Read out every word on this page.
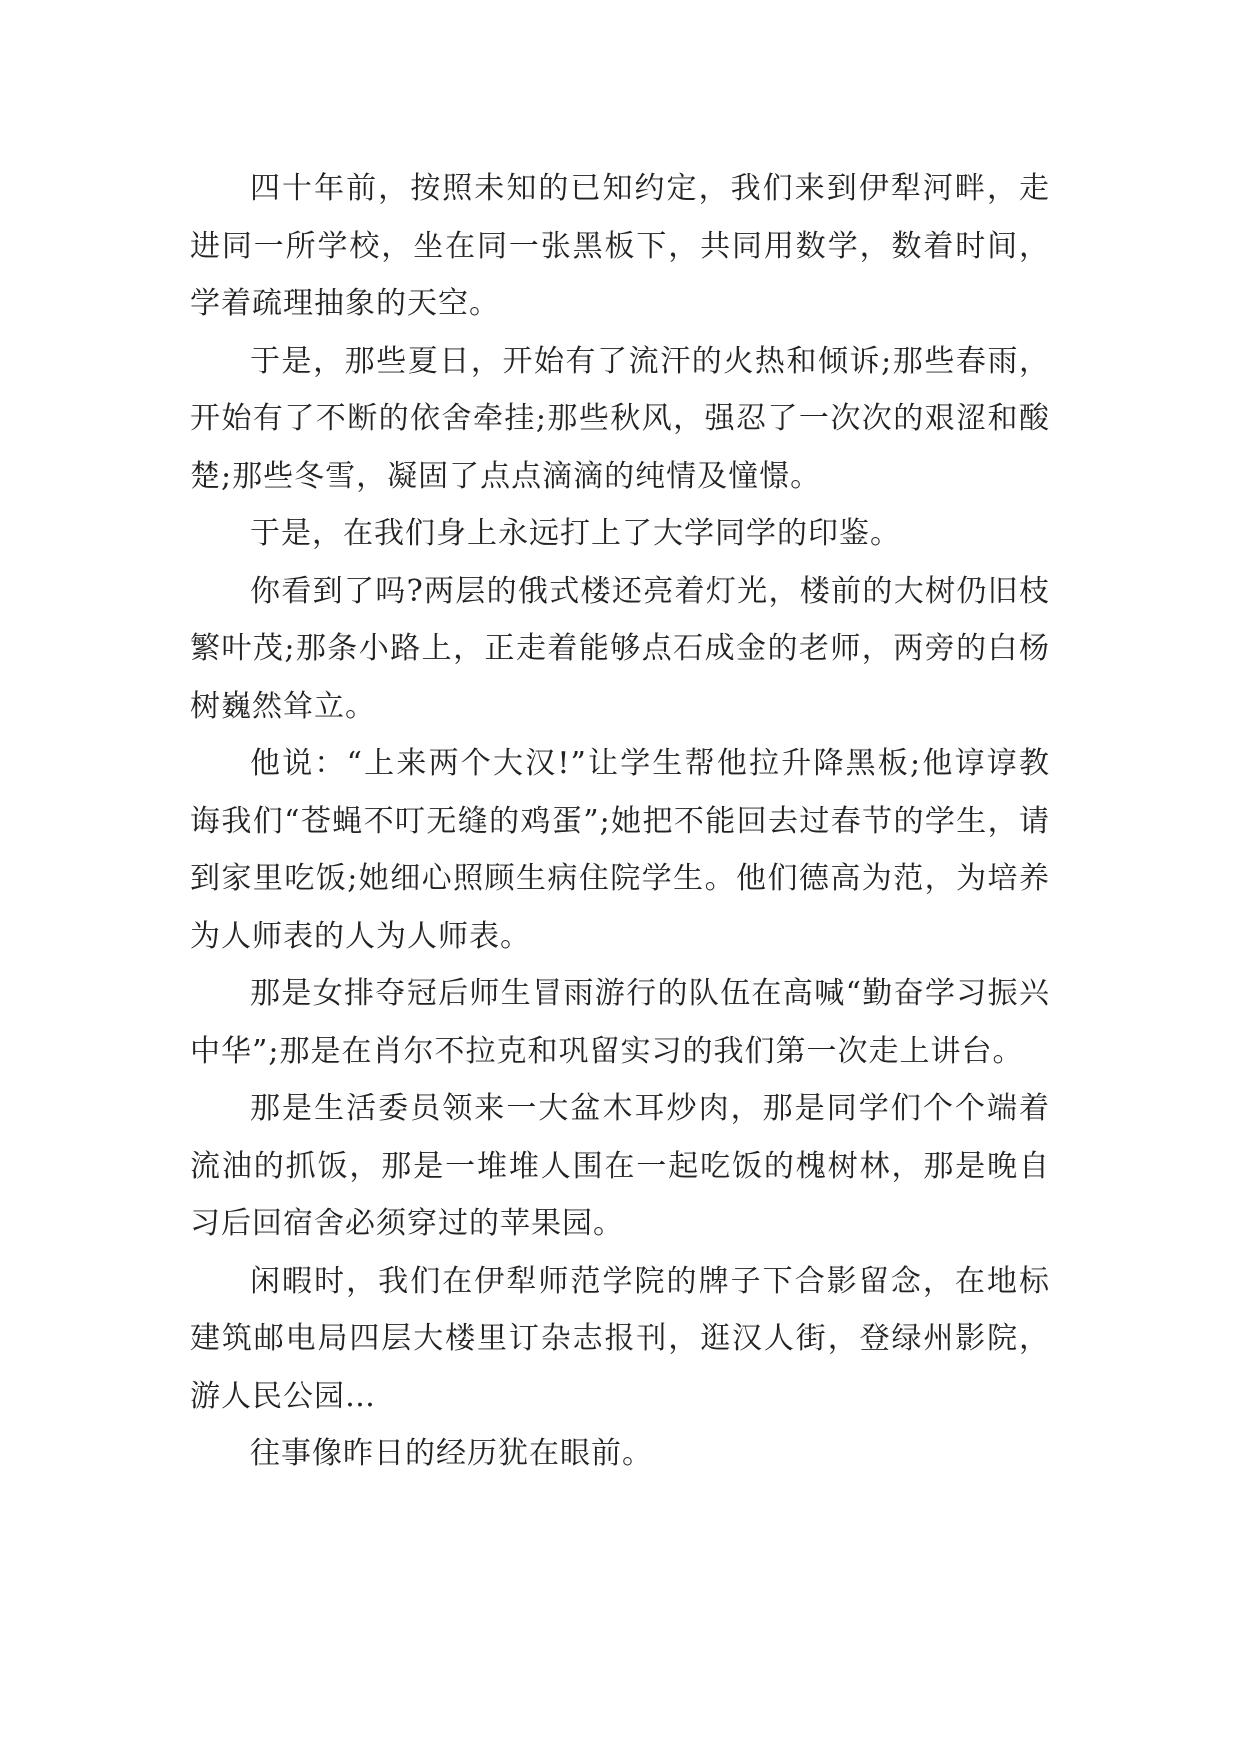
四十年前，按照未知的已知约定，我们来到伊犁河畔，走进同一所学校，坐在同一张黑板下，共同用数学，数着时间，学着疏理抽象的天空。

于是，那些夏日，开始有了流汗的火热和倾诉;那些春雨，开始有了不断的依舍牵挂;那些秋风，强忍了一次次的艰涩和酸楚;那些冬雪，凝固了点点滴滴的纯情及憧憬。

于是，在我们身上永远打上了大学同学的印鉴。

你看到了吗?两层的俄式楼还亮着灯光，楼前的大树仍旧枝繁叶茂;那条小路上，正走着能够点石成金的老师，两旁的白杨树巍然耸立。

他说：“上来两个大汉!”让学生帮他拉升降黑板;他谆谆教诲我们“苍蝇不叮无缝的鸡蛋”;她把不能回去过春节的学生，请到家里吃饭;她细心照顾生病住院学生。他们德高为范，为培养为人师表的人为人师表。

那是女排夺冠后师生冒雨游行的队伍在高喊“勤奋学习振兴中华”;那是在肖尔不拉克和巩留实习的我们第一次走上讲台。

那是生活委员领来一大盆木耳炒肉，那是同学们个个端着流油的抓饭，那是一堆堆人围在一起吃饭的槐树林，那是晚自习后回宿舍必须穿过的苹果园。

闲暇时，我们在伊犁师范学院的牌子下合影留念，在地标建筑邮电局四层大楼里订杂志报刊，逛汉人街，登绿州影院，游人民公园…

往事像昨日的经历犹在眼前。
